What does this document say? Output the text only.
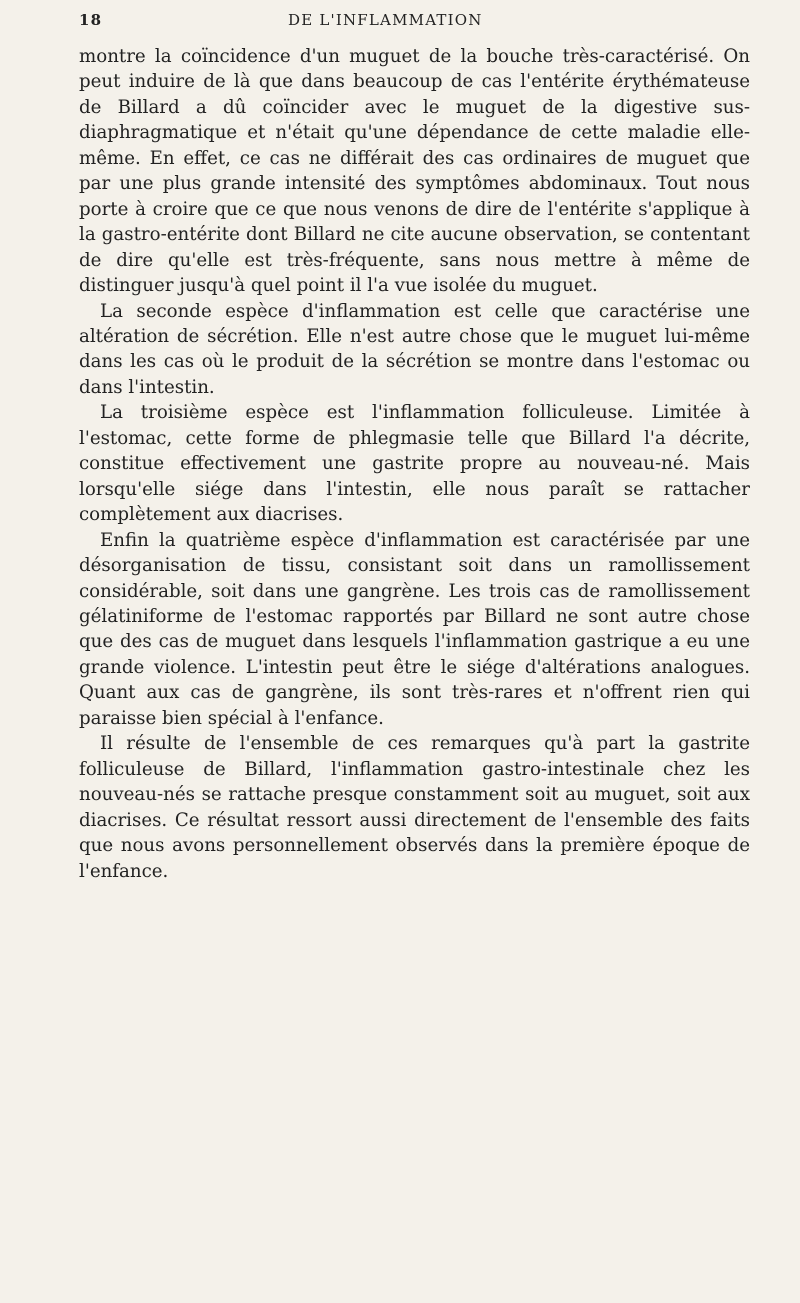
18	DE L'INFLAMMATION

montre la coïncidence d'un muguet de la bouche très-caractérisé. On peut induire de là que dans beaucoup de cas l'entérite érythémateuse de Billard a dû coïncider avec le muguet de la digestive sus-diaphragmatique et n'était qu'une dépendance de cette maladie elle-même. En effet, ce cas ne différait des cas ordinaires de muguet que par une plus grande intensité des symptômes abdominaux. Tout nous porte à croire que ce que nous venons de dire de l'entérite s'applique à la gastro-entérite dont Billard ne cite aucune observation, se contentant de dire qu'elle est très-fréquente, sans nous mettre à même de distinguer jusqu'à quel point il l'a vue isolée du muguet.

La seconde espèce d'inflammation est celle que caractérise une altération de sécrétion. Elle n'est autre chose que le muguet lui-même dans les cas où le produit de la sécrétion se montre dans l'estomac ou dans l'intestin.

La troisième espèce est l'inflammation folliculeuse. Limitée à l'estomac, cette forme de phlegmasie telle que Billard l'a décrite, constitue effectivement une gastrite propre au nouveau-né. Mais lorsqu'elle siége dans l'intestin, elle nous paraît se rattacher complètement aux diacrises.

Enfin la quatrième espèce d'inflammation est caractérisée par une désorganisation de tissu, consistant soit dans un ramollissement considérable, soit dans une gangrène. Les trois cas de ramollissement gélatiniforme de l'estomac rapportés par Billard ne sont autre chose que des cas de muguet dans lesquels l'inflammation gastrique a eu une grande violence. L'intestin peut être le siége d'altérations analogues. Quant aux cas de gangrène, ils sont très-rares et n'offrent rien qui paraisse bien spécial à l'enfance.

Il résulte de l'ensemble de ces remarques qu'à part la gastrite folliculeuse de Billard, l'inflammation gastro-intestinale chez les nouveau-nés se rattache presque constamment soit au muguet, soit aux diacrises. Ce résultat ressort aussi directement de l'ensemble des faits que nous avons personnellement observés dans la première époque de l'enfance.
